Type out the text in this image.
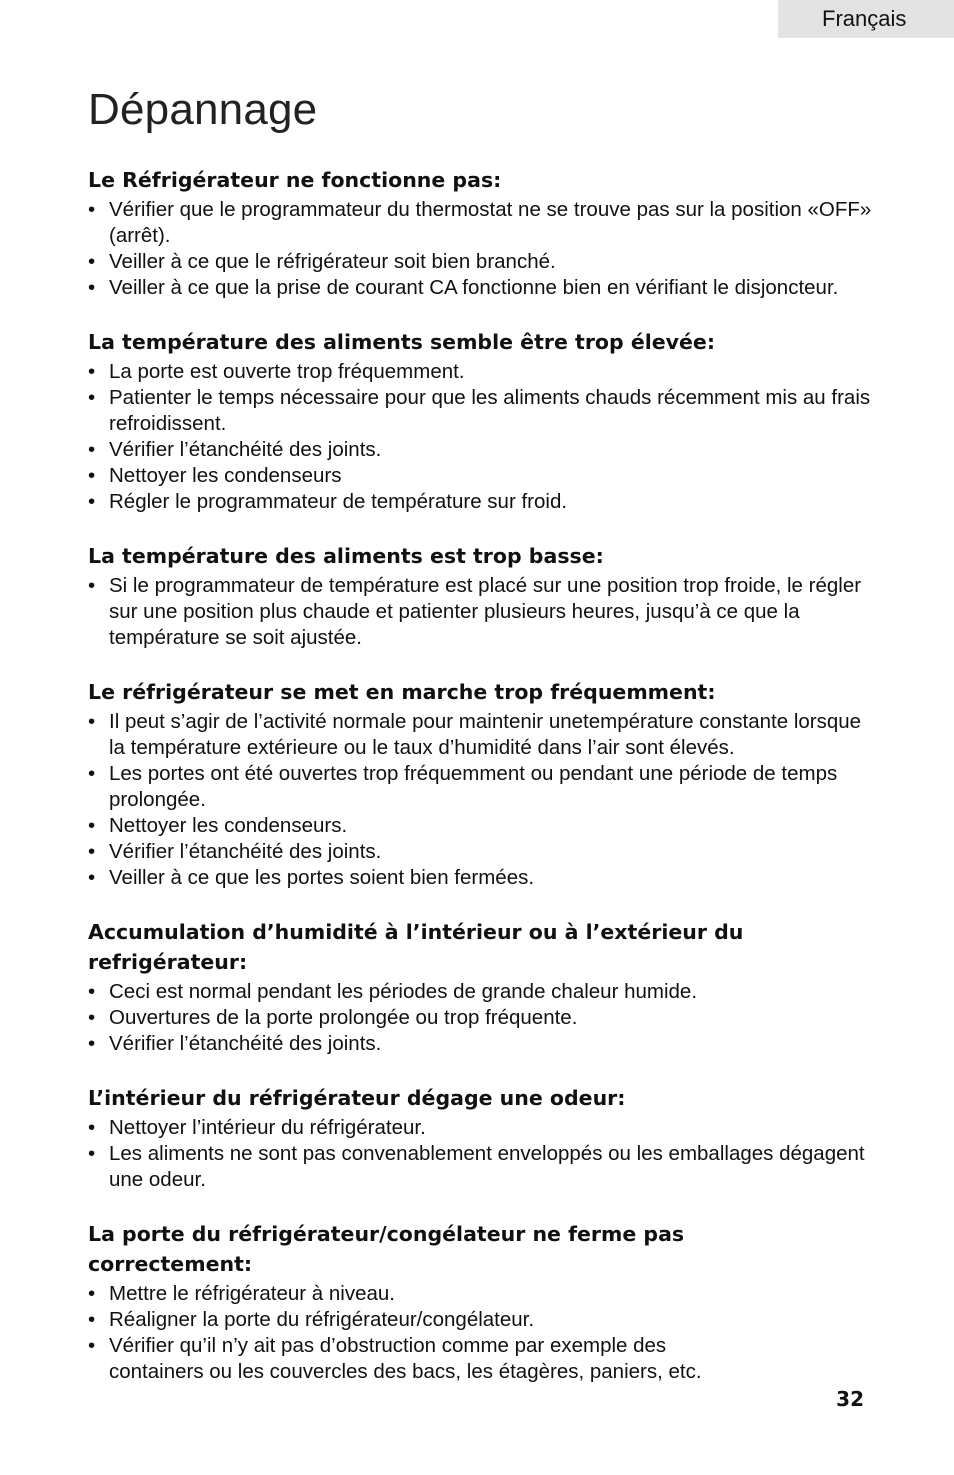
Français
Dépannage
Le Réfrigérateur ne fonctionne pas:
• Vérifier que le programmateur du thermostat ne se trouve pas sur la position «OFF» (arrêt).
• Veiller à ce que le réfrigérateur soit bien branché.
• Veiller à ce que la prise de courant CA fonctionne bien en vérifiant le disjoncteur.
La température des aliments semble être trop élevée:
• La porte est ouverte trop fréquemment.
• Patienter le temps nécessaire pour que les aliments chauds récemment mis au frais refroidissent.
• Vérifier l’étanchéité des joints.
• Nettoyer les condenseurs
• Régler le programmateur de température sur froid.
La température des aliments est trop basse:
• Si le programmateur de température est placé sur une position trop froide, le régler sur une position plus chaude et patienter plusieurs heures, jusqu’à ce que la température se soit ajustée.
Le réfrigérateur se met en marche trop fréquemment:
• Il peut s’agir de l’activité normale pour maintenir unetempérature constante lorsque la température extérieure ou le taux d’humidité dans l’air sont élevés.
• Les portes ont été ouvertes trop fréquemment ou pendant une période de temps prolongée.
• Nettoyer les condenseurs.
• Vérifier l’étanchéité des joints.
• Veiller à ce que les portes soient bien fermées.
Accumulation d’humidité à l’intérieur ou à l’extérieur du refrigérateur:
• Ceci est normal pendant les périodes de grande chaleur humide.
• Ouvertures de la porte prolongée ou trop fréquente.
• Vérifier l’étanchéité des joints.
L’intérieur du réfrigérateur dégage une odeur:
• Nettoyer l’intérieur du réfrigérateur.
• Les aliments ne sont pas convenablement enveloppés ou les emballages dégagent une odeur.
La porte du réfrigérateur/congélateur ne ferme pas correctement:
• Mettre le réfrigérateur à niveau.
• Réaligner la porte du réfrigérateur/congélateur.
• Vérifier qu’il n’y ait pas d’obstruction comme par exemple des containers ou les couvercles des bacs, les étagères, paniers, etc.
32
